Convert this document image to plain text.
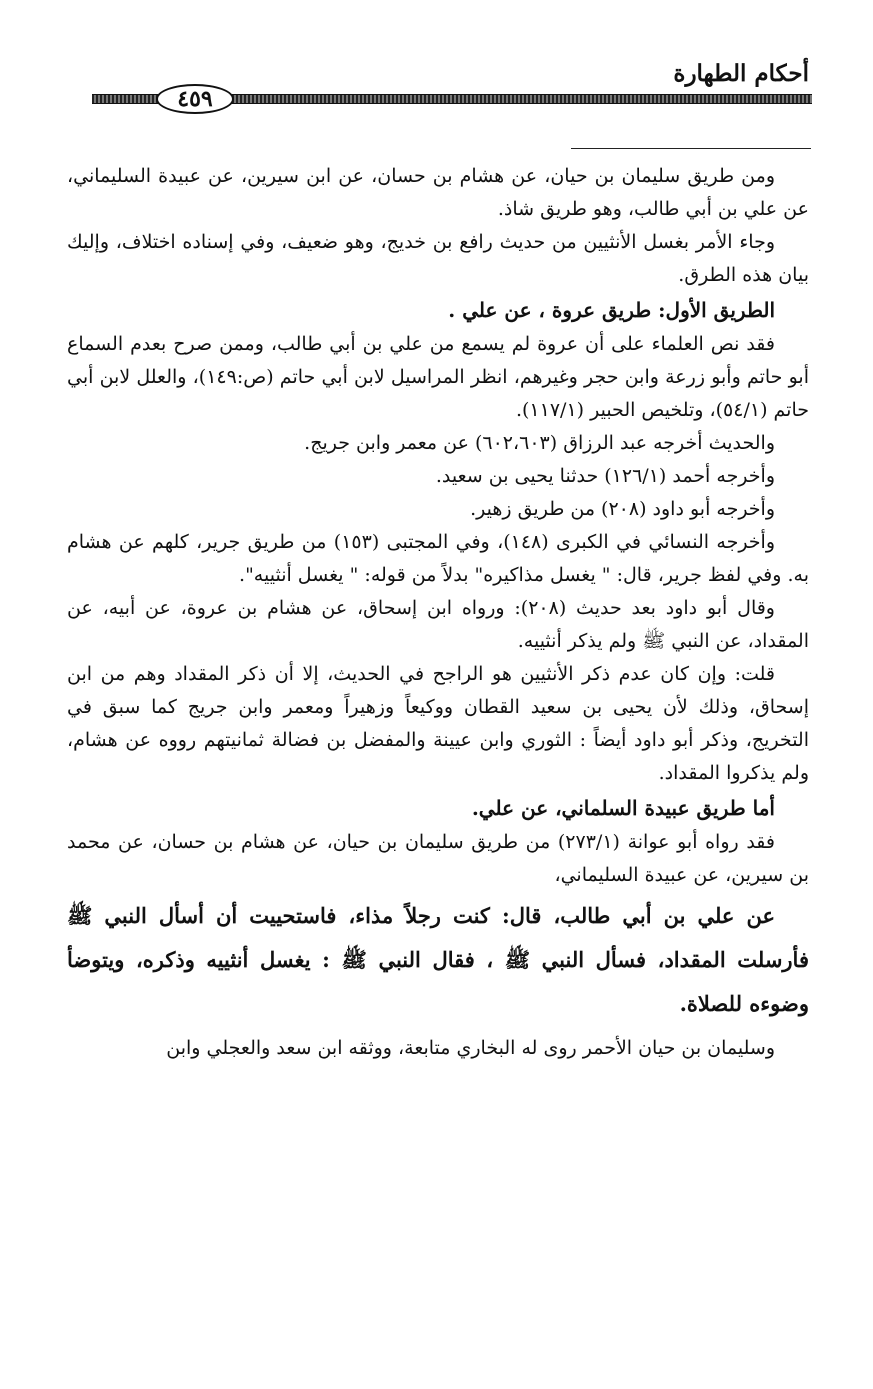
أحكام الطهارة
٤٥٩

ومن طريق سليمان بن حيان، عن هشام بن حسان، عن ابن سيرين، عن عبيدة السليماني، عن علي بن أبي طالب، وهو طريق شاذ.

وجاء الأمر بغسل الأنثيين من حديث رافع بن خديج، وهو ضعيف، وفي إسناده اختلاف، وإليك بيان هذه الطرق.

الطريق الأول: طريق عروة ، عن علي .

فقد نص العلماء على أن عروة لم يسمع من علي بن أبي طالب، وممن صرح بعدم السماع أبو حاتم وأبو زرعة وابن حجر وغيرهم، انظر المراسيل لابن أبي حاتم (ص:١٤٩)، والعلل لابن أبي حاتم (٥٤/١)، وتلخيص الحبير (١١٧/١).

والحديث أخرجه عبد الرزاق (٦٠٢،٦٠٣) عن معمر وابن جريج.

وأخرجه أحمد (١٢٦/١) حدثنا يحيى بن سعيد.

وأخرجه أبو داود (٢٠٨) من طريق زهير.

وأخرجه النسائي في الكبرى (١٤٨)، وفي المجتبى (١٥٣) من طريق جرير، كلهم عن هشام به. وفي لفظ جرير، قال: " يغسل مذاكيره" بدلاً من قوله: " يغسل أنثييه".

وقال أبو داود بعد حديث (٢٠٨): ورواه ابن إسحاق، عن هشام بن عروة، عن أبيه، عن المقداد، عن النبي ﷺ ولم يذكر أنثييه.

قلت: وإن كان عدم ذكر الأنثيين هو الراجح في الحديث، إلا أن ذكر المقداد وهم من ابن إسحاق، وذلك لأن يحيى بن سعيد القطان ووكيعاً وزهيراً ومعمر وابن جريج كما سبق في التخريج، وذكر أبو داود أيضاً : الثوري وابن عيينة والمفضل بن فضالة ثمانيتهم رووه عن هشام، ولم يذكروا المقداد.

أما طريق عبيدة السلماني، عن علي.

فقد رواه أبو عوانة (٢٧٣/١) من طريق سليمان بن حيان، عن هشام بن حسان، عن محمد بن سيرين، عن عبيدة السليماني،

عن علي بن أبي طالب، قال: كنت رجلاً مذاء، فاستحييت أن أسأل النبي ﷺ فأرسلت المقداد، فسأل النبي ﷺ ، فقال النبي ﷺ : يغسل أنثييه وذكره، ويتوضأ وضوءه للصلاة.

وسليمان بن حيان الأحمر روى له البخاري متابعة، ووثقه ابن سعد والعجلي وابن
